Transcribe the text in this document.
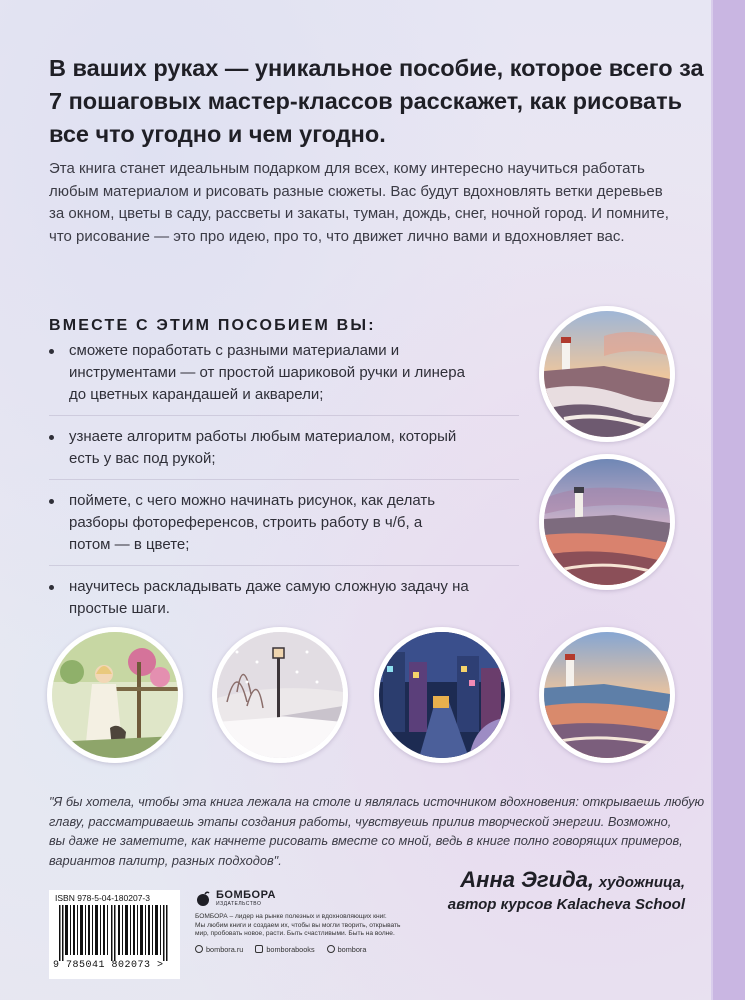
В ваших руках — уникальное пособие, которое всего за
7 пошаговых мастер-классов расскажет, как рисовать
все что угодно и чем угодно.
Эта книга станет идеальным подарком для всех, кому интересно научиться работать
любым материалом и рисовать разные сюжеты. Вас будут вдохновлять ветки деревьев
за окном, цветы в саду, рассветы и закаты, туман, дождь, снег, ночной город. И помните,
что рисование — это про идею, про то, что движет лично вами и вдохновляет вас.
ВМЕСТЕ С ЭТИМ ПОСОБИЕМ ВЫ:
сможете поработать с разными материалами и
инструментами — от простой шариковой ручки и линера
до цветных карандашей и акварели;
узнаете алгоритм работы любым материалом, который
есть у вас под рукой;
поймете, с чего можно начинать рисунок, как делать
разборы фотореференсов, строить работу в ч/б, а
потом — в цвете;
научитесь раскладывать даже самую сложную задачу на
простые шаги.
"Я бы хотела, чтобы эта книга лежала на столе и являлась источником вдохновения: открываешь любую
главу, рассматриваешь этапы создания работы, чувствуешь прилив творческой энергии. Возможно,
вы даже не заметите, как начнете рисовать вместе со мной, ведь в книге полно говорящих примеров,
вариантов палитр, разных подходов".
Анна Эгида, художница,
автор курсов Kalacheva School
ISBN 978-5-04-180207-3
9 785041 802073 >
БОМБОРА
ИЗДАТЕЛЬСТВО
БОМБОРА – лидер на рынке полезных и вдохновляющих книг.
Мы любим книги и создаем их, чтобы вы могли творить, открывать
мир, пробовать новое, расти. Быть счастливыми. Быть на волне.
bombora.ru	bomborabooks	bombora
